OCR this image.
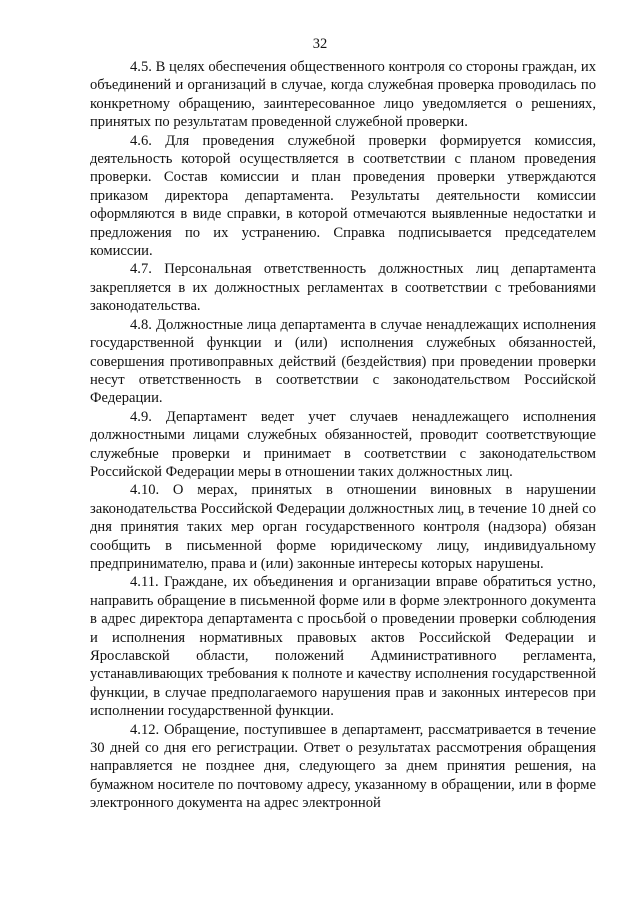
32

4.5. В целях обеспечения общественного контроля со стороны граждан, их объединений и организаций в случае, когда служебная проверка проводилась по конкретному обращению, заинтересованное лицо уведомляется о решениях, принятых по результатам проведенной служебной проверки.

4.6. Для проведения служебной проверки формируется комиссия, деятельность которой осуществляется в соответствии с планом проведения проверки. Состав комиссии и план проведения проверки утверждаются приказом директора департамента. Результаты деятельности комиссии оформляются в виде справки, в которой отмечаются выявленные недостатки и предложения по их устранению. Справка подписывается председателем комиссии.

4.7. Персональная ответственность должностных лиц департамента закрепляется в их должностных регламентах в соответствии с требованиями законодательства.

4.8. Должностные лица департамента в случае ненадлежащих исполнения государственной функции и (или) исполнения служебных обязанностей, совершения противоправных действий (бездействия) при проведении проверки несут ответственность в соответствии с законодательством Российской Федерации.

4.9. Департамент ведет учет случаев ненадлежащего исполнения должностными лицами служебных обязанностей, проводит соответствующие служебные проверки и принимает в соответствии с законодательством Российской Федерации меры в отношении таких должностных лиц.

4.10. О мерах, принятых в отношении виновных в нарушении законодательства Российской Федерации должностных лиц, в течение 10 дней со дня принятия таких мер орган государственного контроля (надзора) обязан сообщить в письменной форме юридическому лицу, индивидуальному предпринимателю, права и (или) законные интересы которых нарушены.

4.11. Граждане, их объединения и организации вправе обратиться устно, направить обращение в письменной форме или в форме электронного документа в адрес директора департамента с просьбой о проведении проверки соблюдения и исполнения нормативных правовых актов Российской Федерации и Ярославской области, положений Административного регламента, устанавливающих требования к полноте и качеству исполнения государственной функции, в случае предполагаемого нарушения прав и законных интересов при исполнении государственной функции.

4.12. Обращение, поступившее в департамент, рассматривается в течение 30 дней со дня его регистрации. Ответ о результатах рассмотрения обращения направляется не позднее дня, следующего за днем принятия решения, на бумажном носителе по почтовому адресу, указанному в обращении, или в форме электронного документа на адрес электронной
